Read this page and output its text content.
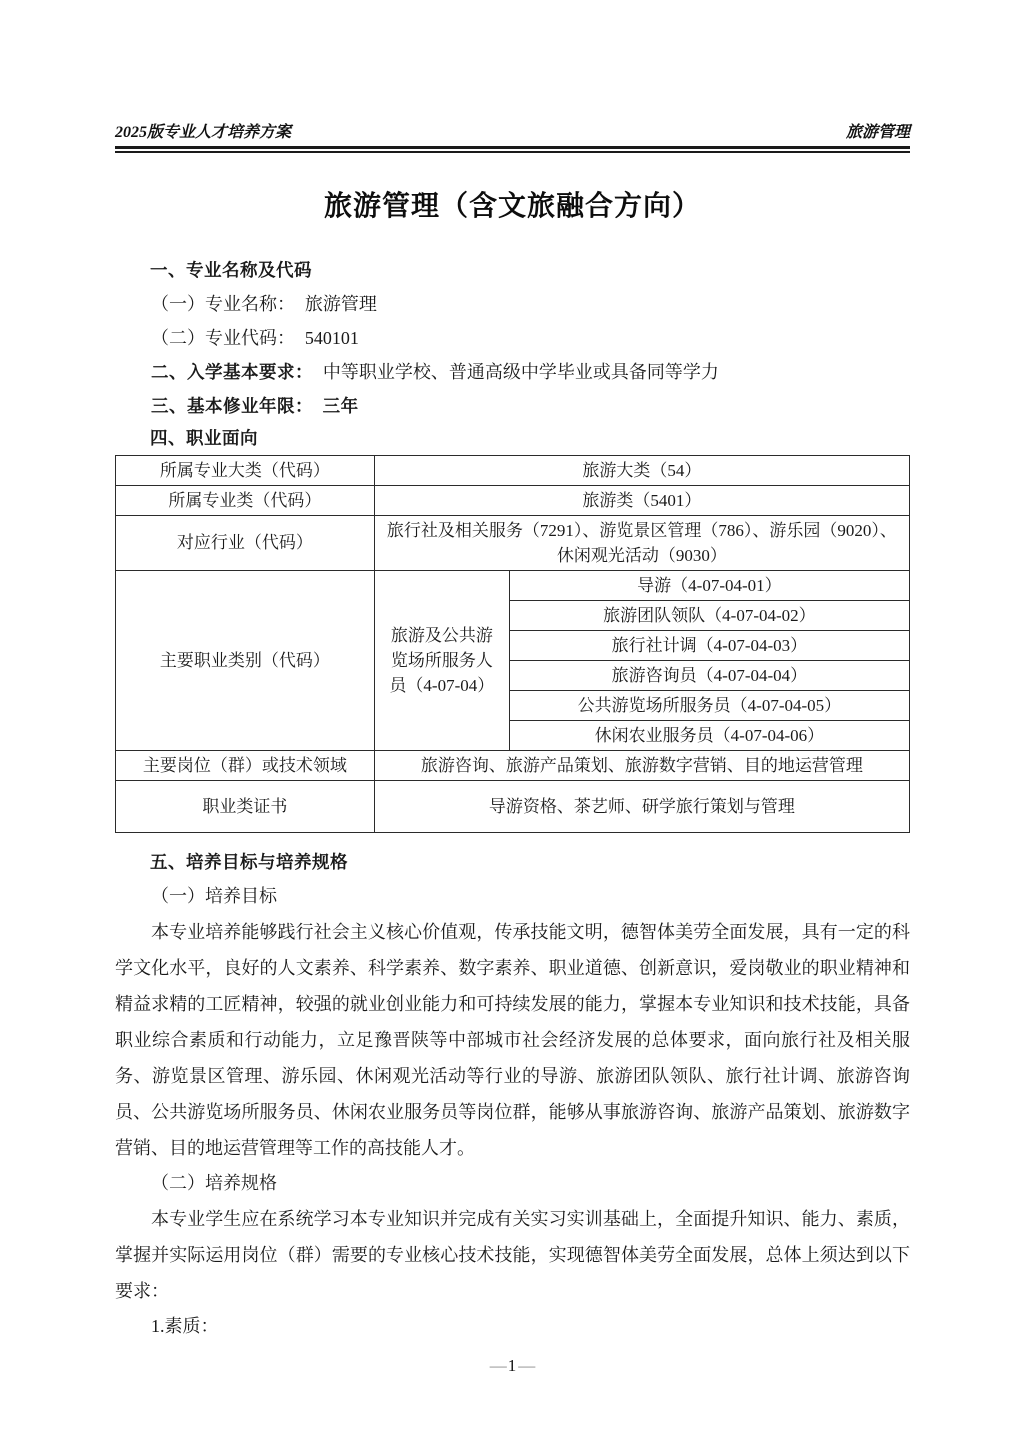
2025版专业人才培养方案	旅游管理
旅游管理（含文旅融合方向）
一、专业名称及代码
（一）专业名称： 旅游管理
（二）专业代码： 540101
二、入学基本要求： 中等职业学校、普通高级中学毕业或具备同等学力
三、基本修业年限： 三年
四、职业面向
所属专业大类（代码）	旅游大类（54）	
所属专业类（代码）	旅游类（5401）	
对应行业（代码）	旅行社及相关服务（7291）、游览景区管理（786）、游乐园（9020）、休闲观光活动（9030）	
主要职业类别（代码）	旅游及公共游览场所服务人员（4-07-04）	导游（4-07-04-01）
		旅游团队领队（4-07-04-02）
		旅行社计调（4-07-04-03）
		旅游咨询员（4-07-04-04）
		公共游览场所服务员（4-07-04-05）
		休闲农业服务员（4-07-04-06）
主要岗位（群）或技术领域	旅游咨询、旅游产品策划、旅游数字营销、目的地运营管理	
职业类证书	导游资格、茶艺师、研学旅行策划与管理	
五、培养目标与培养规格
（一）培养目标

本专业培养能够践行社会主义核心价值观，传承技能文明，德智体美劳全面发展，具有一定的科学文化水平，良好的人文素养、科学素养、数字素养、职业道德、创新意识，爱岗敬业的职业精神和精益求精的工匠精神，较强的就业创业能力和可持续发展的能力，掌握本专业知识和技术技能，具备职业综合素质和行动能力，立足豫晋陕等中部城市社会经济发展的总体要求，面向旅行社及相关服务、游览景区管理、游乐园、休闲观光活动等行业的导游、旅游团队领队、旅行社计调、旅游咨询员、公共游览场所服务员、休闲农业服务员等岗位群，能够从事旅游咨询、旅游产品策划、旅游数字营销、目的地运营管理等工作的高技能人才。

（二）培养规格

本专业学生应在系统学习本专业知识并完成有关实习实训基础上，全面提升知识、能力、素质，掌握并实际运用岗位（群）需要的专业核心技术技能，实现德智体美劳全面发展，总体上须达到以下要求：

1.素质：
— 1 —
